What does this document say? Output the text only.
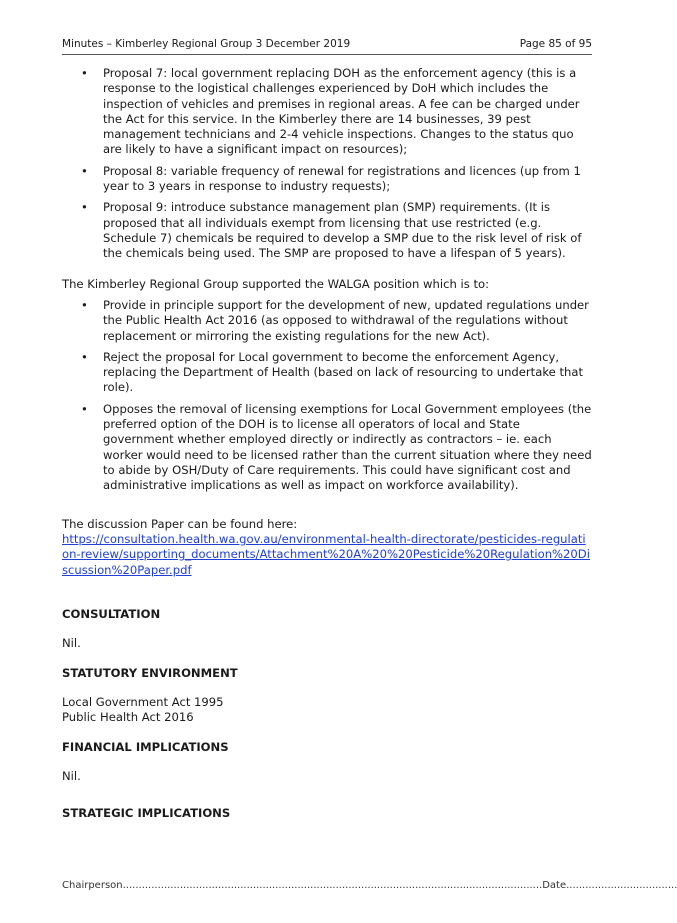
Minutes – Kimberley Regional Group 3 December 2019	Page 85 of 95
• Proposal 7: local government replacing DOH as the enforcement agency (this is a response to the logistical challenges experienced by DoH which includes the inspection of vehicles and premises in regional areas. A fee can be charged under the Act for this service. In the Kimberley there are 14 businesses, 39 pest management technicians and 2-4 vehicle inspections. Changes to the status quo are likely to have a significant impact on resources);
• Proposal 8: variable frequency of renewal for registrations and licences (up from 1 year to 3 years in response to industry requests);
• Proposal 9: introduce substance management plan (SMP) requirements. (It is proposed that all individuals exempt from licensing that use restricted (e.g. Schedule 7) chemicals be required to develop a SMP due to the risk level of risk of the chemicals being used. The SMP are proposed to have a lifespan of 5 years).
The Kimberley Regional Group supported the WALGA position which is to:
• Provide in principle support for the development of new, updated regulations under the Public Health Act 2016 (as opposed to withdrawal of the regulations without replacement or mirroring the existing regulations for the new Act).
• Reject the proposal for Local government to become the enforcement Agency, replacing the Department of Health (based on lack of resourcing to undertake that role).
• Opposes the removal of licensing exemptions for Local Government employees (the preferred option of the DOH is to license all operators of local and State government whether employed directly or indirectly as contractors – ie. each worker would need to be licensed rather than the current situation where they need to abide by OSH/Duty of Care requirements. This could have significant cost and administrative implications as well as impact on workforce availability).
The discussion Paper can be found here:
https://consultation.health.wa.gov.au/environmental-health-directorate/pesticides-regulation-review/supporting_documents/Attachment%20A%20%20Pesticide%20Regulation%20Discussion%20Paper.pdf
CONSULTATION
Nil.
STATUTORY ENVIRONMENT
Local Government Act 1995
Public Health Act 2016
FINANCIAL IMPLICATIONS
Nil.
STRATEGIC IMPLICATIONS
Chairperson....................................................................................................................................Date...................................
